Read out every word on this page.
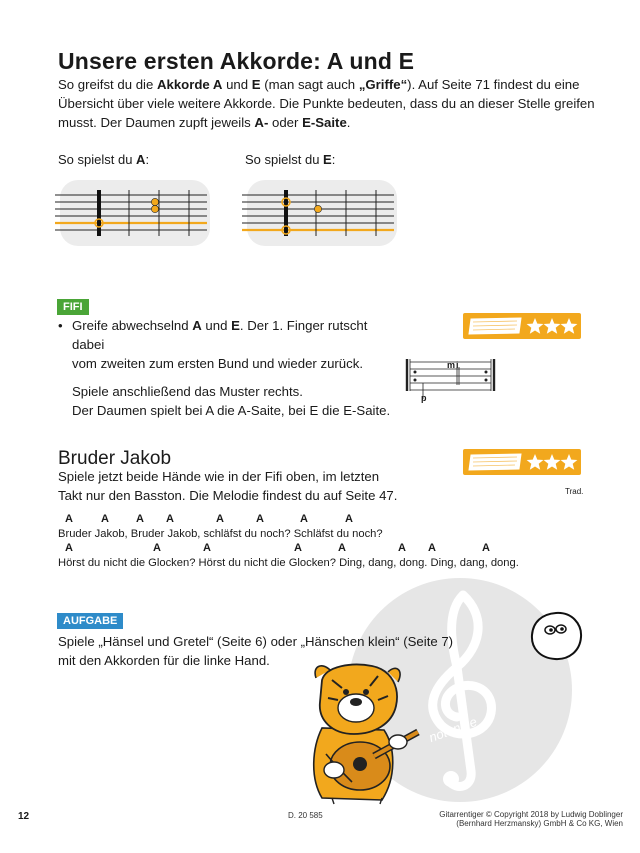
Unsere ersten Akkorde: A und E
So greifst du die Akkorde A und E (man sagt auch „Griffe“). Auf Seite 71 findest du eine Übersicht über viele weitere Akkorde. Die Punkte bedeuten, dass du an dieser Stelle greifen musst. Der Daumen zupft jeweils A- oder E-Saite.
So spielst du A:	So spielst du E:
FIFI
• Greife abwechselnd A und E. Der 1. Finger rutscht dabei
vom zweiten zum ersten Bund und wieder zurück.
Spiele anschließend das Muster rechts.
Der Daumen spielt bei A die A-Saite, bei E die E-Saite.
m i
p
Bruder Jakob
Spiele jetzt beide Hände wie in der Fifi oben, im letzten
Takt nur den Basston. Die Melodie findest du auf Seite 47.	Trad.
A	A A A	A	A	A	A
Bruder Jakob, Bruder Jakob, schläfst du noch? Schläfst du noch?
A	A	A	A	A	A A	A
Hörst du nicht die Glocken? Hörst du nicht die Glocken? Ding, dang, dong. Ding, dang, dong.
notendie
AUFGABE
Spiele „Hänsel und Gretel“ (Seite 6) oder „Hänschen klein“ (Seite 7)
mit den Akkorden für die linke Hand.
12	D. 20 585	Gitarrentiger © Copyright 2018 by Ludwig Doblinger
(Bernhard Herzmansky) GmbH & Co KG, Wien
